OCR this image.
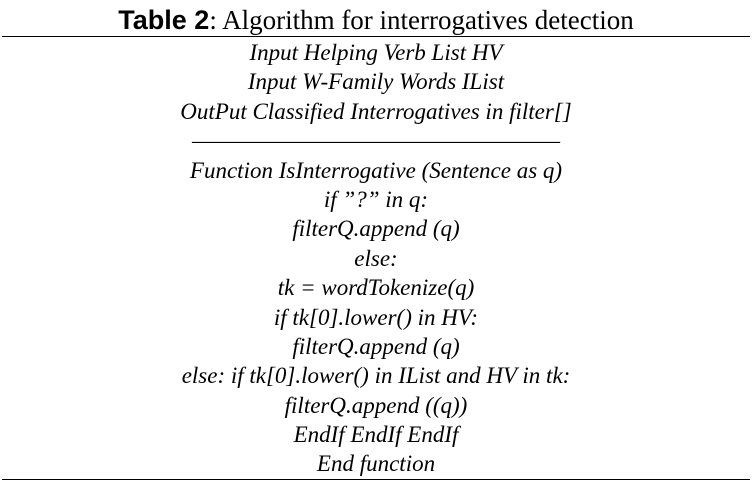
Table 2: Algorithm for interrogatives detection
Input Helping Verb List HV
Input W-Family Words IList
OutPut Classified Interrogatives in filter[]
——————————————————
Function IsInterrogative (Sentence as q)
if ”?” in q:
filterQ.append (q)
else:
tk = wordTokenize(q)
if tk[0].lower() in HV:
filterQ.append (q)
else: if tk[0].lower() in IList and HV in tk:
filterQ.append ((q))
EndIf EndIf EndIf
End function
